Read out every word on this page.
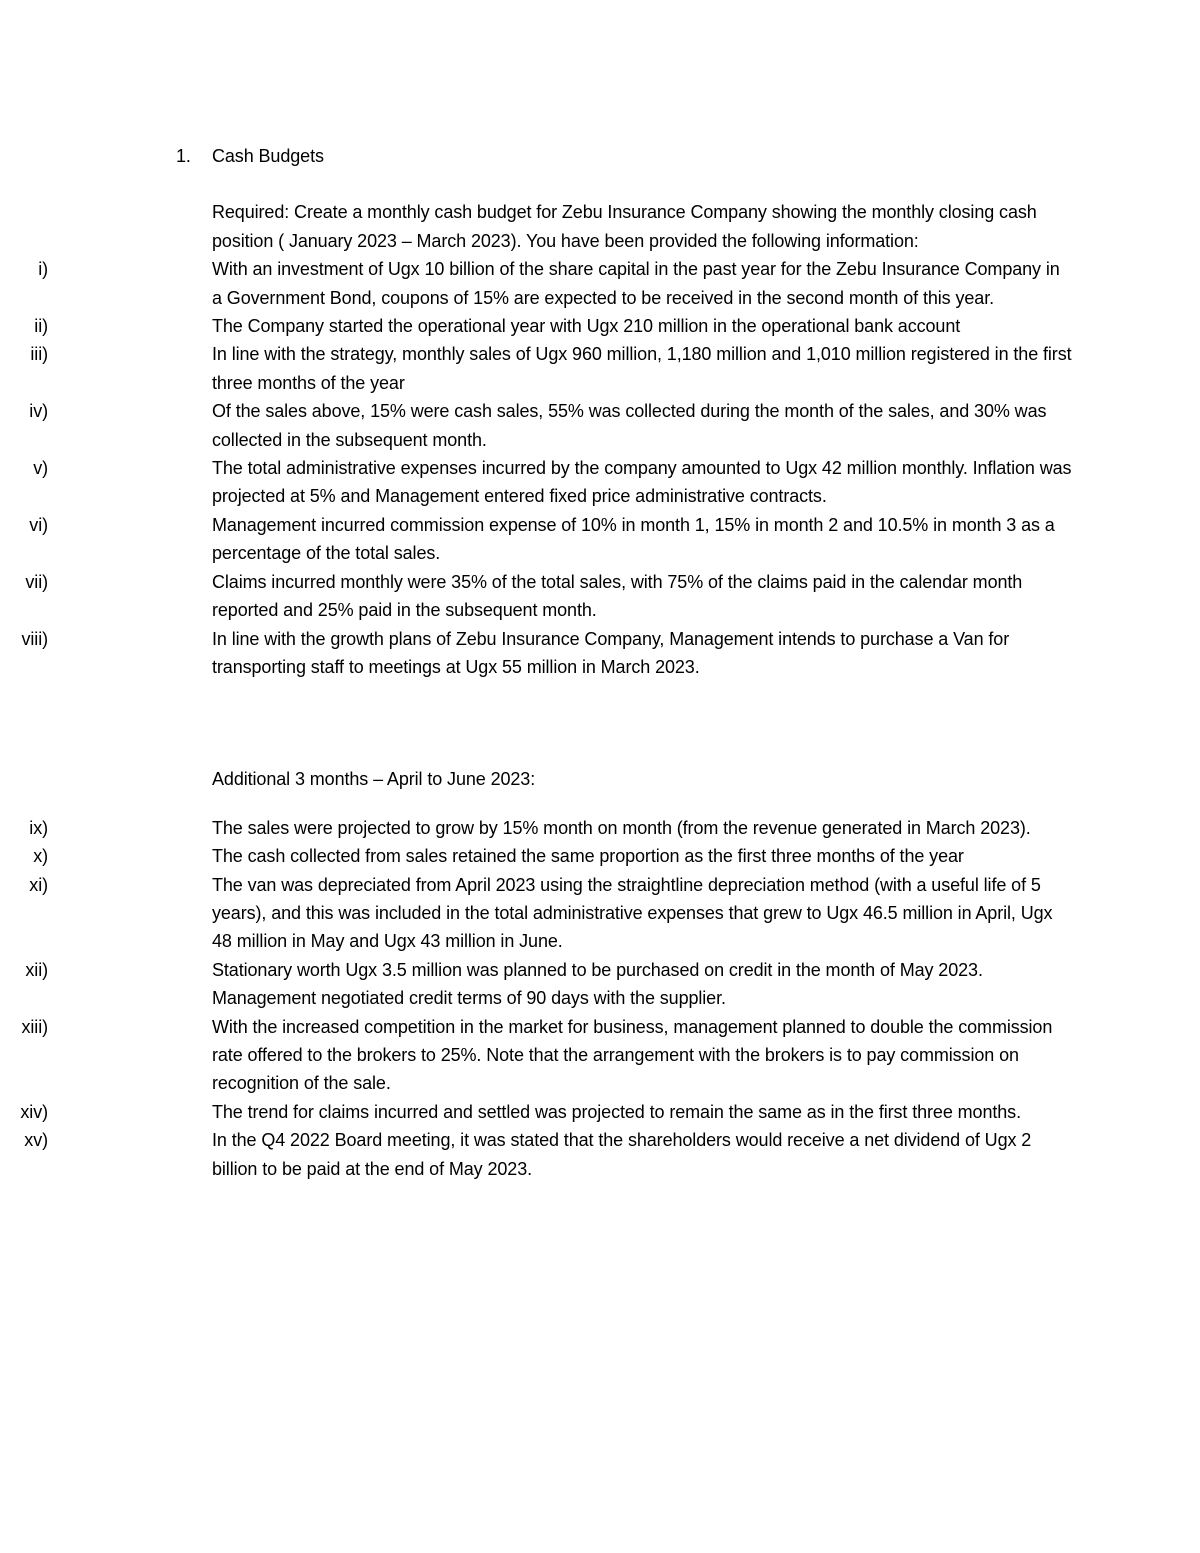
1. Cash Budgets
Required: Create a monthly cash budget for Zebu Insurance Company showing the monthly closing cash position ( January 2023 – March 2023). You have been provided the following information:
i)	With an investment of Ugx 10 billion of the share capital in the past year for the Zebu Insurance Company in a Government Bond, coupons of 15% are expected to be received in the second month of this year.
ii)	The Company started the operational year with Ugx 210 million in the operational bank account
iii)	In line with the strategy, monthly sales of Ugx 960 million, 1,180 million and 1,010 million registered in the first three months of the year
iv)	Of the sales above, 15% were cash sales, 55% was collected during the month of the sales, and 30% was collected in the subsequent month.
v)	The total administrative expenses incurred by the company amounted to Ugx 42 million monthly. Inflation was projected at 5% and Management entered fixed price administrative contracts.
vi)	Management incurred commission expense of 10% in month 1, 15% in month 2 and 10.5% in month 3 as a percentage of the total sales.
vii)	Claims incurred monthly were 35% of the total sales, with 75% of the claims paid in the calendar month reported and 25% paid in the subsequent month.
viii)	In line with the growth plans of Zebu Insurance Company, Management intends to purchase a Van for transporting staff to meetings at Ugx 55 million in March 2023.
Additional 3 months – April to June 2023:
ix)	The sales were projected to grow by 15% month on month (from the revenue generated in March 2023).
x)	The cash collected from sales retained the same proportion as the first three months of the year
xi)	The van was depreciated from April 2023 using the straightline depreciation method (with a useful life of 5 years), and this was included in the total administrative expenses that grew to Ugx 46.5 million in April, Ugx 48 million in May and Ugx 43 million in June.
xii)	Stationary worth Ugx 3.5 million was planned to be purchased on credit in the month of May 2023. Management negotiated credit terms of 90 days with the supplier.
xiii)	With the increased competition in the market for business, management planned to double the commission rate offered to the brokers to 25%. Note that the arrangement with the brokers is to pay commission on recognition of the sale.
xiv)	The trend for claims incurred and settled was projected to remain the same as in the first three months.
xv)	In the Q4 2022 Board meeting, it was stated that the shareholders would receive a net dividend of Ugx 2 billion to be paid at the end of May 2023.
